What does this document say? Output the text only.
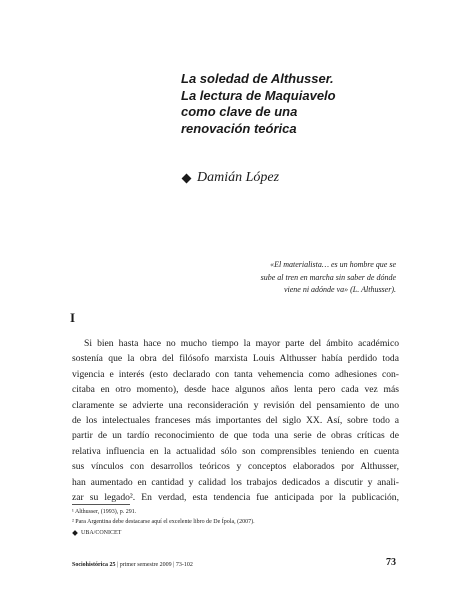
La soledad de Althusser.
La lectura de Maquiavelo
como clave de una
renovación teórica
Damián López
«El materialista… es un hombre que se
sube al tren en marcha sin saber de dónde
viene ni adónde va» (L. Althusser).
I
Si bien hasta hace no mucho tiempo la mayor parte del ámbito académico
sostenía que la obra del filósofo marxista Louis Althusser había perdido toda
vigencia e interés (esto declarado con tanta vehemencia como adhesiones con-
citaba en otro momento), desde hace algunos años lenta pero cada vez más
claramente se advierte una reconsideración y revisión del pensamiento de uno
de los intelectuales franceses más importantes del siglo XX. Así, sobre todo a
partir de un tardío reconocimiento de que toda una serie de obras críticas de
relativa influencia en la actualidad sólo son comprensibles teniendo en cuenta
sus vínculos con desarrollos teóricos y conceptos elaborados por Althusser,
han aumentado en cantidad y calidad los trabajos dedicados a discutir y anali-
zar su legado². En verdad, esta tendencia fue anticipada por la publicación,
¹ Althusser, (1993), p. 291.
² Para Argentina debe destacarse aquí el excelente libro de De Ípola, (2007).
UBA/CONICET
Sociohistórica 25 | primer semestre 2009 | 73-102	73
